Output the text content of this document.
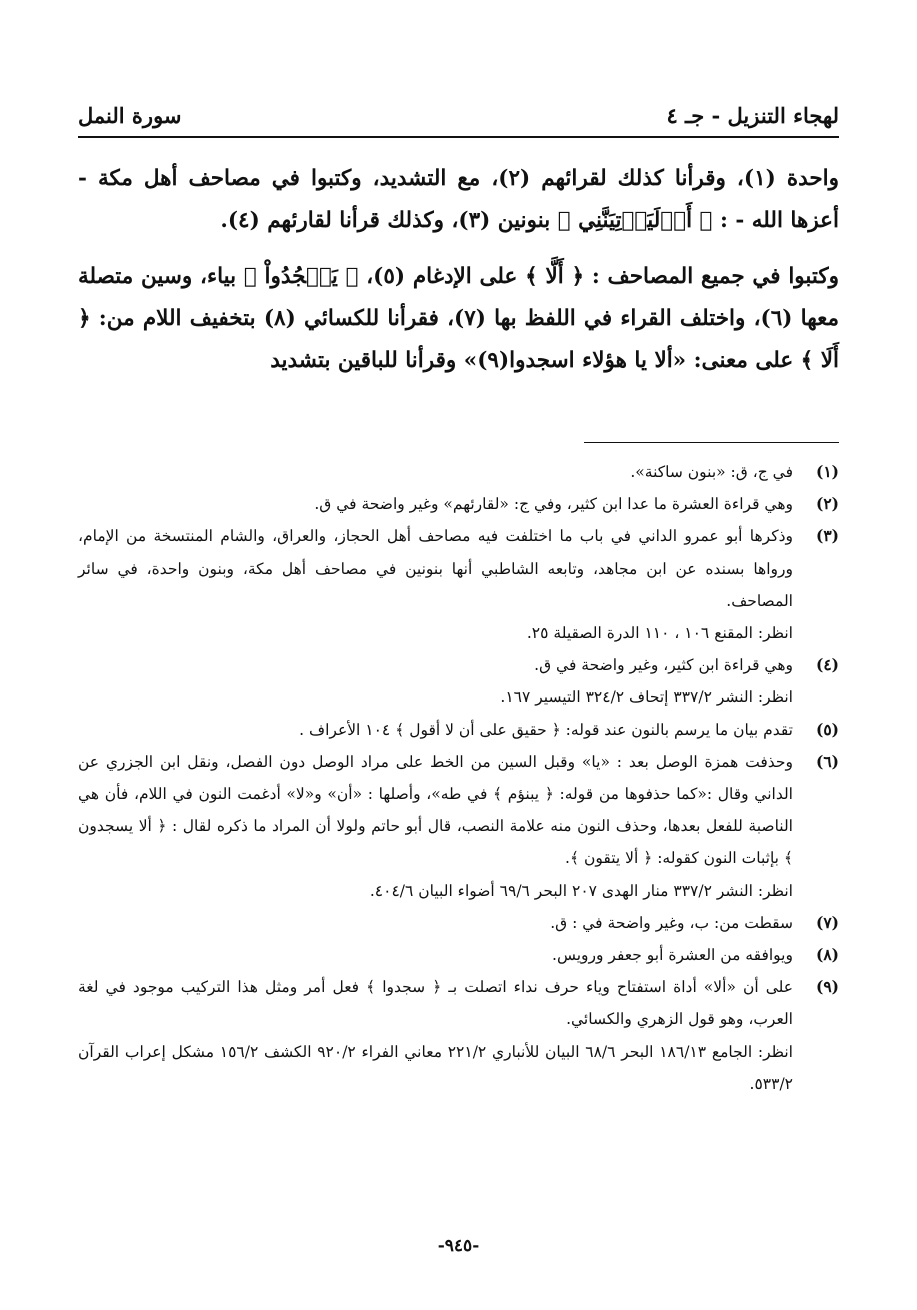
لهجاء التنزيل - جـ ٤
سورة النمل

واحدة (١)، وقرأنا كذلك لقرائهم (٢)، مع التشديد، وكتبوا في مصاحف أهل مكة - أعزها الله - : ﴿ أَوۡلَيَأۡتِيَنَّنِي ﴾ بنونين (٣)، وكذلك قرأنا لقارئهم (٤).

وكتبوا في جميع المصاحف : ﴿ أَلَّا ﴾ على الإدغام (٥)، ﴿ يَسۡجُدُواْ ﴾ بياء، وسين متصلة معها (٦)، واختلف القراء في اللفظ بها (٧)، فقرأنا للكسائي (٨) بتخفيف اللام من: ﴿ أَلَا ﴾ على معنى: «ألا يا هؤلاء اسجدوا(٩)» وقرأنا للباقين بتشديد

(١)
في ج، ق: «بنون ساكنة».
(٢)
وهي قراءة العشرة ما عدا ابن كثير، وفي ج: «لقارئهم» وغير واضحة في ق.
(٣)
وذكرها أبو عمرو الداني في باب ما اختلفت فيه مصاحف أهل الحجاز، والعراق، والشام المنتسخة من الإمام، ورواها بسنده عن ابن مجاهد، وتابعه الشاطبي أنها بنونين في مصاحف أهل مكة، وبنون واحدة، في سائر المصاحف.
انظر: المقنع ١٠٦ ، ١١٠ الدرة الصقيلة ٢٥.
(٤)
وهي قراءة ابن كثير، وغير واضحة في ق.
انظر: النشر ٣٣٧/٢ إتحاف ٣٢٤/٢ التيسير ١٦٧.
(٥)
تقدم بيان ما يرسم بالنون عند قوله: ﴿ حقيق على أن لا أقول ﴾ ١٠٤ الأعراف .
(٦)
وحذفت همزة الوصل بعد : «يا» وقبل السين من الخط على مراد الوصل دون الفصل، ونقل ابن الجزري عن الداني وقال :«كما حذفوها من قوله: ﴿ يبنؤم ﴾ في طه»، وأصلها : «أن» و«لا» أدغمت النون في اللام، فأن هي الناصبة للفعل بعدها، وحذف النون منه علامة النصب، قال أبو حاتم ولولا أن المراد ما ذكره لقال : ﴿ ألا يسجدون ﴾ بإثبات النون كقوله: ﴿ ألا يتقون ﴾.
انظر: النشر ٣٣٧/٢ منار الهدى ٢٠٧ البحر ٦٩/٦ أضواء البيان ٤٠٤/٦.
(٧)
سقطت من: ب، وغير واضحة في : ق.
(٨)
ويوافقه من العشرة أبو جعفر ورويس.
(٩)
على أن «ألا» أداة استفتاح وياء حرف نداء اتصلت بـ ﴿ سجدوا ﴾ فعل أمر ومثل هذا التركيب موجود في لغة العرب، وهو قول الزهري والكسائي.
انظر: الجامع ١٨٦/١٣ البحر ٦٨/٦ البيان للأنباري ٢٢١/٢ معاني الفراء ٩٢٠/٢ الكشف ١٥٦/٢ مشكل إعراب القرآن ٥٣٣/٢.
-٩٤٥-
